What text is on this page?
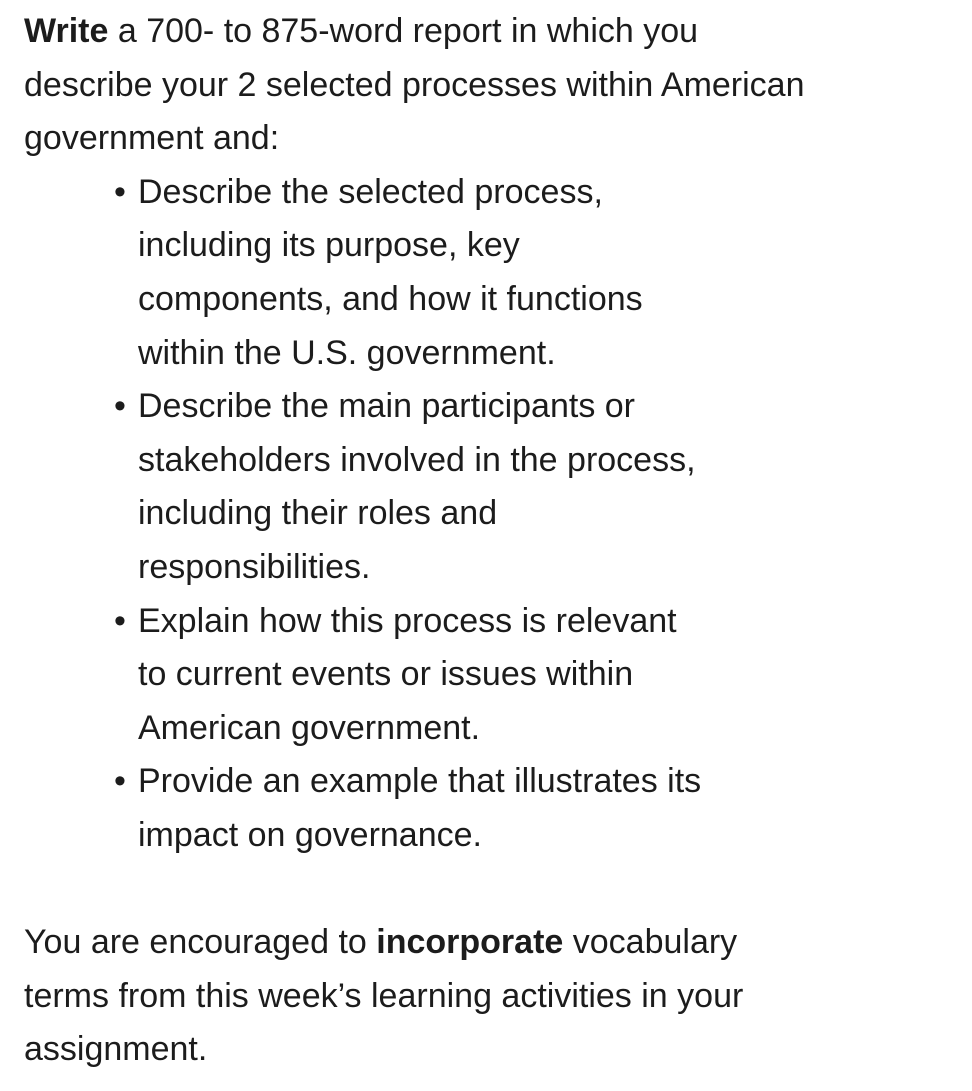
Write a 700- to 875-word report in which you
describe your 2 selected processes within American
government and:
• Describe the selected process,
including its purpose, key
components, and how it functions
within the U.S. government.
• Describe the main participants or
stakeholders involved in the process,
including their roles and
responsibilities.
• Explain how this process is relevant
to current events or issues within
American government.
• Provide an example that illustrates its
impact on governance.
You are encouraged to incorporate vocabulary
terms from this week’s learning activities in your
assignment.
